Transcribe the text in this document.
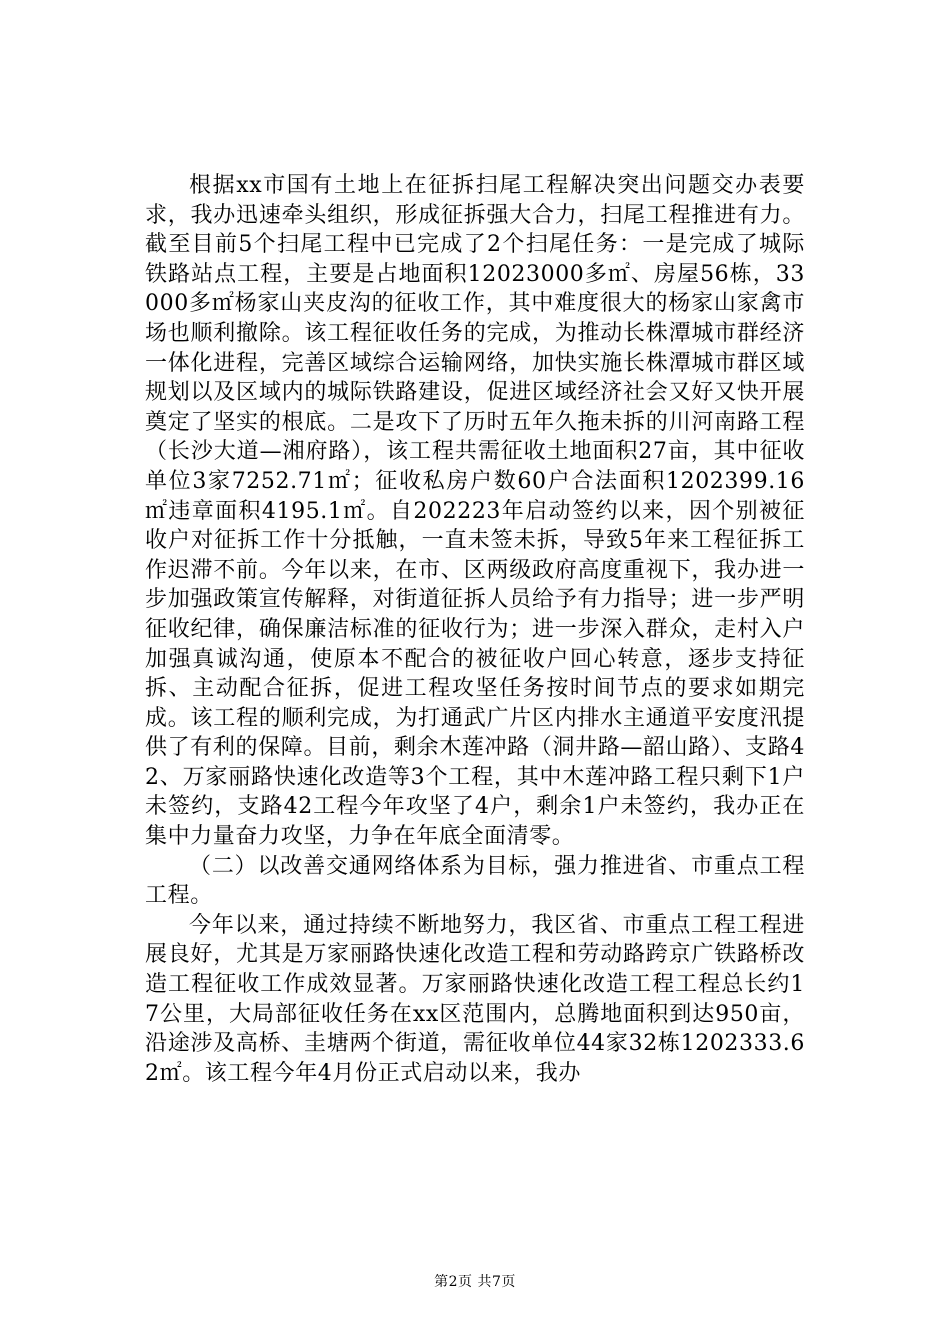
根据xx市国有土地上在征拆扫尾工程解决突出问题交办表要求，我办迅速牵头组织，形成征拆强大合力，扫尾工程推进有力。截至目前5个扫尾工程中已完成了2个扫尾任务：一是完成了城际铁路站点工程，主要是占地面积12023000多㎡、房屋56栋，33000多㎡杨家山夹皮沟的征收工作，其中难度很大的杨家山家禽市场也顺利撤除。该工程征收任务的完成，为推动长株潭城市群经济一体化进程，完善区域综合运输网络，加快实施长株潭城市群区域规划以及区域内的城际铁路建设，促进区域经济社会又好又快开展奠定了坚实的根底。二是攻下了历时五年久拖未拆的川河南路工程（长沙大道—湘府路），该工程共需征收土地面积27亩，其中征收单位3家7252.71㎡；征收私房户数60户合法面积1202399.16㎡违章面积4195.1㎡。自202223年启动签约以来，因个别被征收户对征拆工作十分抵触，一直未签未拆，导致5年来工程征拆工作迟滞不前。今年以来，在市、区两级政府高度重视下，我办进一步加强政策宣传解释，对街道征拆人员给予有力指导；进一步严明征收纪律，确保廉洁标准的征收行为；进一步深入群众，走村入户加强真诚沟通，使原本不配合的被征收户回心转意，逐步支持征拆、主动配合征拆，促进工程攻坚任务按时间节点的要求如期完成。该工程的顺利完成，为打通武广片区内排水主通道平安度汛提供了有利的保障。目前，剩余木莲冲路（洞井路—韶山路）、支路42、万家丽路快速化改造等3个工程，其中木莲冲路工程只剩下1户未签约，支路42工程今年攻坚了4户，剩余1户未签约，我办正在集中力量奋力攻坚，力争在年底全面清零。

（二）以改善交通网络体系为目标，强力推进省、市重点工程工程。

今年以来，通过持续不断地努力，我区省、市重点工程工程进展良好，尤其是万家丽路快速化改造工程和劳动路跨京广铁路桥改造工程征收工作成效显著。万家丽路快速化改造工程工程总长约17公里，大局部征收任务在xx区范围内，总腾地面积到达950亩，沿途涉及高桥、圭塘两个街道，需征收单位44家32栋1202333.62㎡。该工程今年4月份正式启动以来，我办

第2页 共7页
